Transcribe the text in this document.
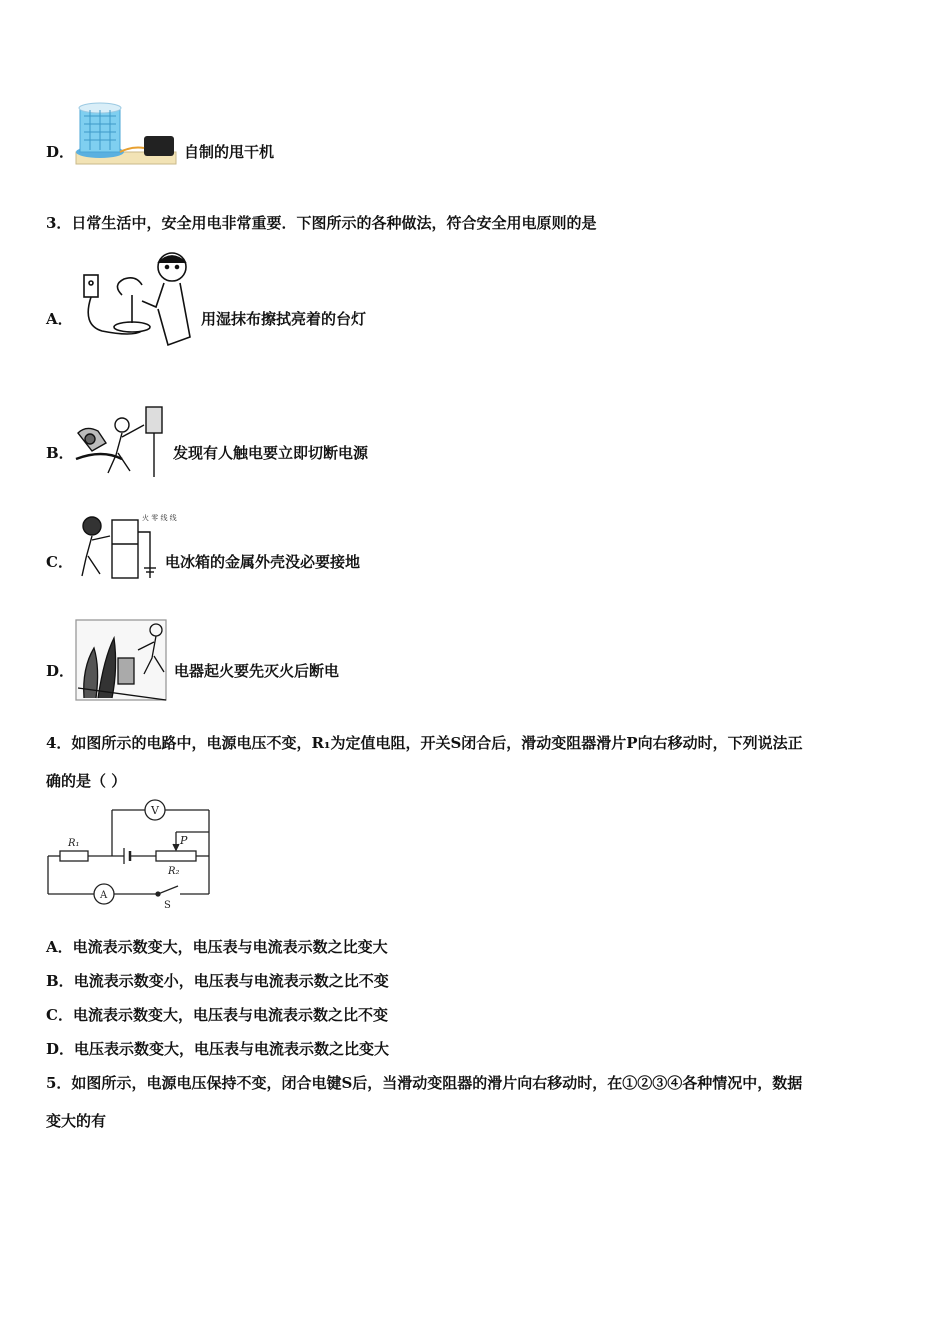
D．	自制的甩干机
3．日常生活中，安全用电非常重要．下图所示的各种做法，符合安全用电原则的是
A．	用湿抹布擦拭亮着的台灯
B．	发现有人触电要立即切断电源
C．
火 零 线 线
电冰箱的金属外壳没必要接地
D．	电器起火要先灭火后断电
4．如图所示的电路中，电源电压不变，R₁为定值电阻，开关S闭合后，滑动变阻器滑片P向右移动时，下列说法正
确的是（ ）
V
P
R₁
R₂
A
S
A．电流表示数变大，电压表与电流表示数之比变大
B．电流表示数变小，电压表与电流表示数之比不变
C．电流表示数变大，电压表与电流表示数之比不变
D．电压表示数变大，电压表与电流表示数之比变大
5．如图所示，电源电压保持不变，闭合电键S后，当滑动变阻器的滑片向右移动时，在①②③④各种情况中，数据
变大的有
